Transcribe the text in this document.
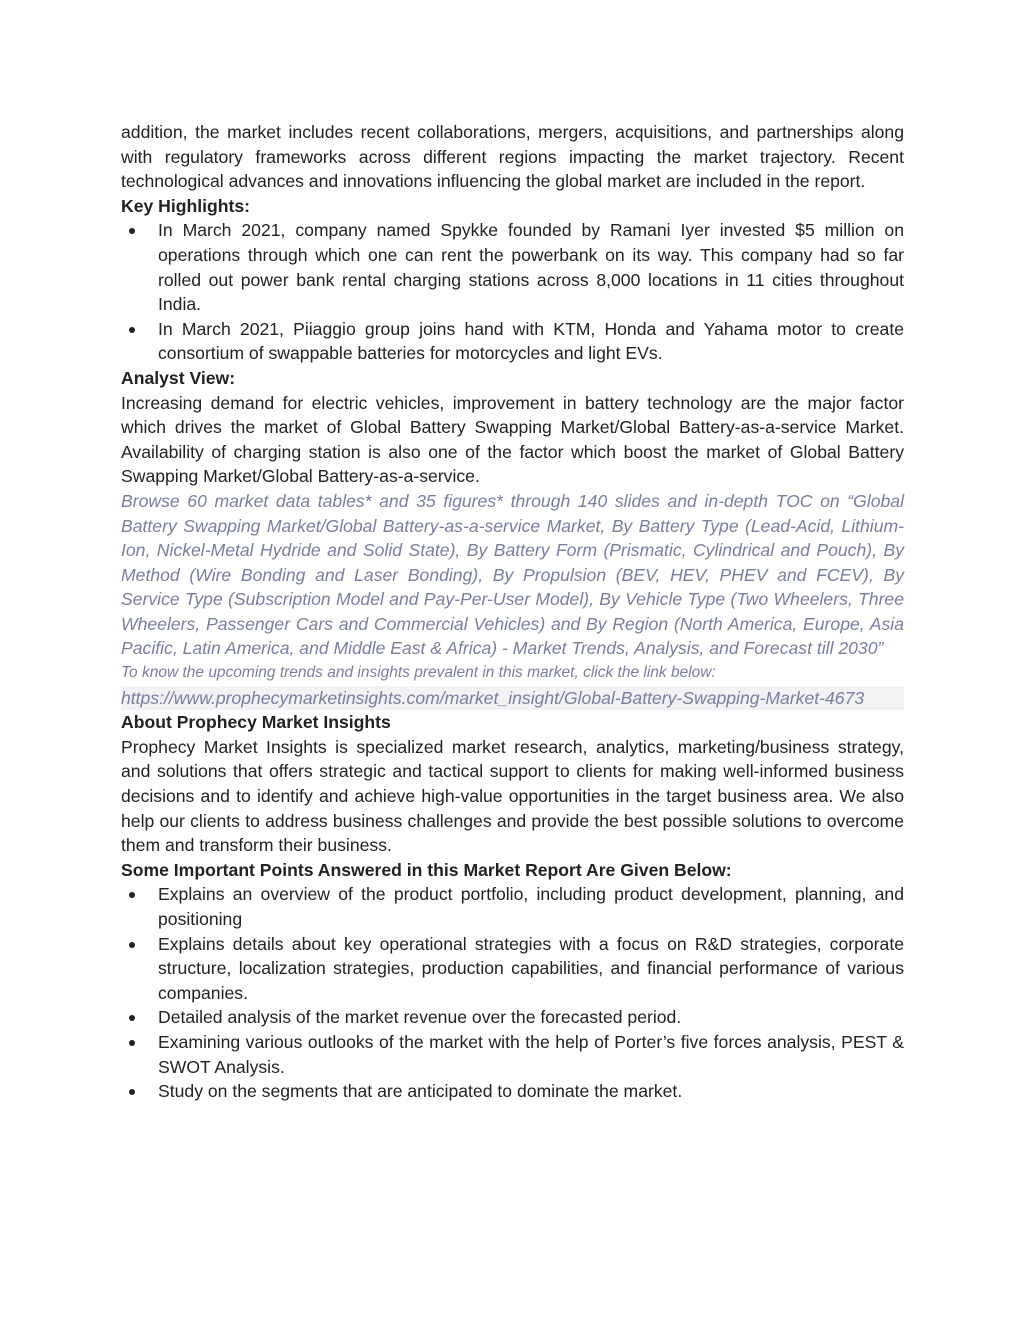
addition, the market includes recent collaborations, mergers, acquisitions, and partnerships along with regulatory frameworks across different regions impacting the market trajectory. Recent technological advances and innovations influencing the global market are included in the report.

Key Highlights:

In March 2021, company named Spykke founded by Ramani Iyer invested $5 million on operations through which one can rent the powerbank on its way. This company had so far rolled out power bank rental charging stations across 8,000 locations in 11 cities throughout India.
In March 2021, Piiaggio group joins hand with KTM, Honda and Yahama motor to create consortium of swappable batteries for motorcycles and light EVs.

Analyst View:

Increasing demand for electric vehicles, improvement in battery technology are the major factor which drives the market of Global Battery Swapping Market/Global Battery-as-a-service Market. Availability of charging station is also one of the factor which boost the market of Global Battery Swapping Market/Global Battery-as-a-service.

Browse 60 market data tables* and 35 figures* through 140 slides and in-depth TOC on “Global Battery Swapping Market/Global Battery-as-a-service Market, By Battery Type (Lead-Acid, Lithium-Ion, Nickel-Metal Hydride and Solid State), By Battery Form (Prismatic, Cylindrical and Pouch), By Method (Wire Bonding and Laser Bonding), By Propulsion (BEV, HEV, PHEV and FCEV), By Service Type (Subscription Model and Pay-Per-User Model), By Vehicle Type (Two Wheelers, Three Wheelers, Passenger Cars and Commercial Vehicles) and By Region (North America, Europe, Asia Pacific, Latin America, and Middle East & Africa) - Market Trends, Analysis, and Forecast till 2030”

To know the upcoming trends and insights prevalent in this market, click the link below:

https://www.prophecymarketinsights.com/market_insight/Global-Battery-Swapping-Market-4673

About Prophecy Market Insights

Prophecy Market Insights is specialized market research, analytics, marketing/business strategy, and solutions that offers strategic and tactical support to clients for making well-informed business decisions and to identify and achieve high-value opportunities in the target business area. We also help our clients to address business challenges and provide the best possible solutions to overcome them and transform their business.

Some Important Points Answered in this Market Report Are Given Below:

Explains an overview of the product portfolio, including product development, planning, and positioning
Explains details about key operational strategies with a focus on R&D strategies, corporate structure, localization strategies, production capabilities, and financial performance of various companies.
Detailed analysis of the market revenue over the forecasted period.
Examining various outlooks of the market with the help of Porter’s five forces analysis, PEST & SWOT Analysis.
Study on the segments that are anticipated to dominate the market.
